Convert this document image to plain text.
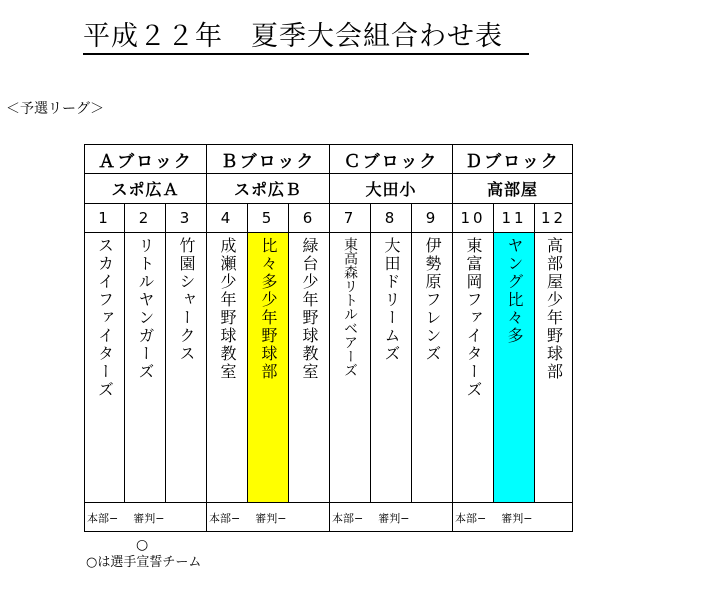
平成２２年　夏季大会組合わせ表
＜予選リーグ＞
Ａブロック	Ｂブロック	Ｃブロック	Ｄブロック
スポ広Ａ	スポ広Ｂ	大田小	高部屋
1	2	3	4	5	6	7	8	9	10	11 12
スカイファイターズ リトルヤンガーズ 竹園シャークス 成瀬少年野球教室 比々多少年野球部 緑台少年野球教室 東高森リトルベアーズ 大田ドリームズ 伊勢原フレンズ 東富岡ファイターズ ヤング比々多 高部屋少年野球部
本部− 審判−	本部− 審判−	本部− 審判−	本部− 審判−
○
○は選手宣誓チーム
